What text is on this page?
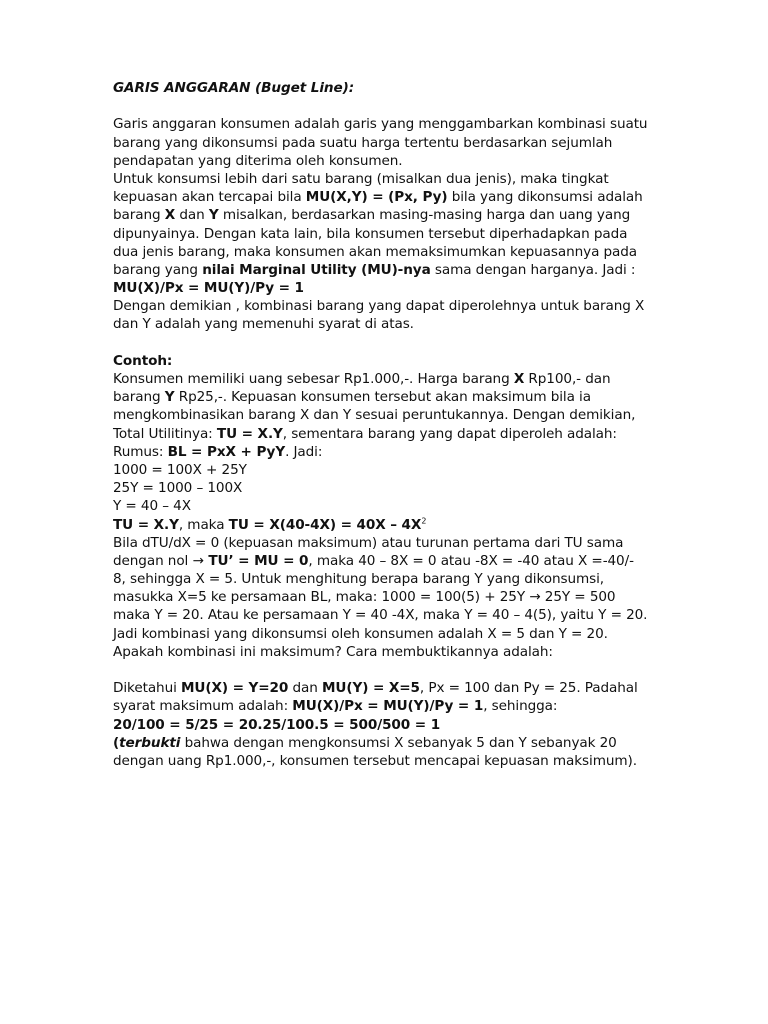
GARIS ANGGARAN (Buget Line):
Garis anggaran konsumen adalah garis yang menggambarkan kombinasi suatu
barang yang dikonsumsi pada suatu harga tertentu berdasarkan sejumlah
pendapatan yang diterima oleh konsumen.
Untuk konsumsi lebih dari satu barang (misalkan dua jenis), maka tingkat
kepuasan akan tercapai bila MU(X,Y) = (Px, Py) bila yang dikonsumsi adalah
barang X dan Y misalkan, berdasarkan masing-masing harga dan uang yang
dipunyainya. Dengan kata lain, bila konsumen tersebut diperhadapkan pada
dua jenis barang, maka konsumen akan memaksimumkan kepuasannya pada
barang yang nilai Marginal Utility (MU)-nya sama dengan harganya. Jadi :
MU(X)/Px = MU(Y)/Py = 1
Dengan demikian , kombinasi barang yang dapat diperolehnya untuk barang X
dan Y adalah yang memenuhi syarat di atas.
Contoh:
Konsumen memiliki uang sebesar Rp1.000,-. Harga barang X Rp100,- dan
barang Y Rp25,-. Kepuasan konsumen tersebut akan maksimum bila ia
mengkombinasikan barang X dan Y sesuai peruntukannya. Dengan demikian,
Total Utilitinya: TU = X.Y, sementara barang yang dapat diperoleh adalah:
Rumus: BL = PxX + PyY. Jadi:
1000 = 100X + 25Y
25Y = 1000 – 100X
Y = 40 – 4X
TU = X.Y, maka TU = $X(40-4X) = 40X - 4X^2$
Bila dTU/dX = 0 (kepuasan maksimum) atau turunan pertama dari TU sama
dengan nol → TU’ = MU = 0, maka 40 – 8X = 0 atau -8X = -40 atau X =-40/-
8, sehingga X = 5. Untuk menghitung berapa barang Y yang dikonsumsi,
masukka X=5 ke persamaan BL, maka: 1000 = 100(5) + 25Y → 25Y = 500
maka Y = 20. Atau ke persamaan Y = 40 -4X, maka Y = 40 – 4(5), yaitu Y = 20.
Jadi kombinasi yang dikonsumsi oleh konsumen adalah X = 5 dan Y = 20.
Apakah kombinasi ini maksimum? Cara membuktikannya adalah:
Diketahui MU(X) = Y=20 dan MU(Y) = X=5, Px = 100 dan Py = 25. Padahal
syarat maksimum adalah: MU(X)/Px = MU(Y)/Py = 1, sehingga:
20/100 = 5/25 = 20.25/100.5 = 500/500 = 1
(terbukti bahwa dengan mengkonsumsi X sebanyak 5 dan Y sebanyak 20
dengan uang Rp1.000,-, konsumen tersebut mencapai kepuasan maksimum).
